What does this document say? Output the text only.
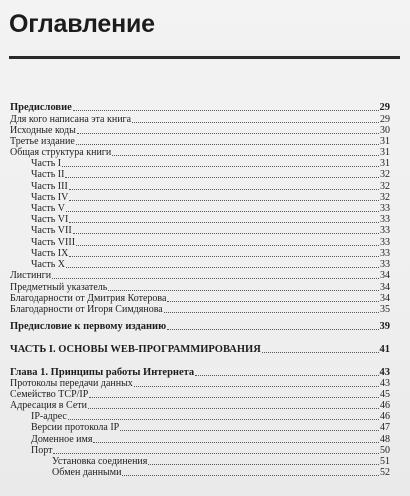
Оглавление
Предисловие	29
Для кого написана эта книга	29
Исходные коды	30
Третье издание	31
Общая структура книги	31
Часть I	31
Часть II	32
Часть III	32
Часть IV	32
Часть V	33
Часть VI	33
Часть VII	33
Часть VIII	33
Часть IX	33
Часть X	33
Листинги	34
Предметный указатель	34
Благодарности от Дмитрия Котерова	34
Благодарности от Игоря Симдянова	35
Предисловие к первому изданию	39
ЧАСТЬ I. ОСНОВЫ WEB-ПРОГРАММИРОВАНИЯ	41
Глава 1. Принципы работы Интернета	43
Протоколы передачи данных	43
Семейство TCP/IP	45
Адресация в Сети	46
IP-адрес	46
Версии протокола IP	47
Доменное имя	48
Порт	50
Установка соединения	51
Обмен данными	52
